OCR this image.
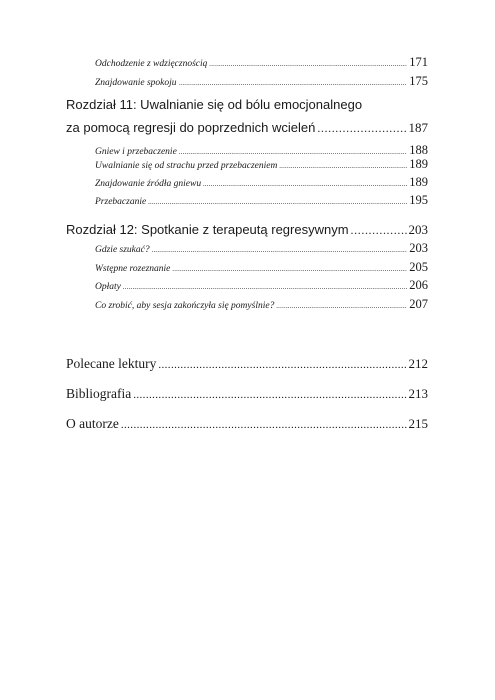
Odchodzenie z wdzięcznością .....	171
Znajdowanie spokoju .....	175
Rozdział 11: Uwalnianie się od bólu emocjonalnego
za pomocą regresji do poprzednich wcieleń .....	187
Gniew i przebaczenie .....	188
Uwalnianie się od strachu przed przebaczeniem .....	189
Znajdowanie źródła gniewu .....	189
Przebaczanie .....	195
Rozdział 12: Spotkanie z terapeutą regresywnym .....	203
Gdzie szukać? .....	203
Wstępne rozeznanie .....	205
Opłaty .....	206
Co zrobić, aby sesja zakończyła się pomyślnie? .....	207
Polecane lektury .....	212
Bibliografia .....	213
O autorze .....	215
